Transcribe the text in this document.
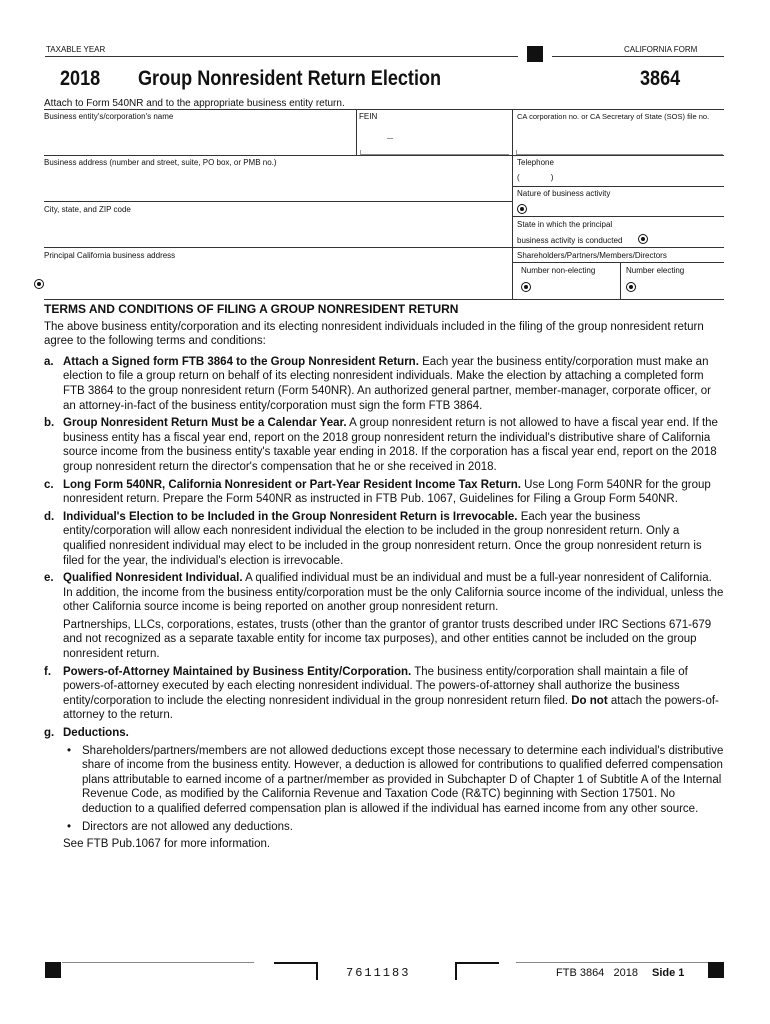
TAXABLE YEAR	CALIFORNIA FORM
2018 Group Nonresident Return Election	3864
Attach to Form 540NR and to the appropriate business entity return.
Business entity's/corporation's name	FEIN	CA corporation no. or CA Secretary of State (SOS) file no.
Business address (number and street, suite, PO box, or PMB no.)	Telephone
(              )
Nature of business activity
City, state, and ZIP code
State in which the principal
business activity is conducted
Principal California business address	Shareholders/Partners/Members/Directors
Number non-electing	Number electing
TERMS AND CONDITIONS OF FILING A GROUP NONRESIDENT RETURN
The above business entity/corporation and its electing nonresident individuals included in the filing of the group nonresident return agree to the following terms and conditions:
a. Attach a Signed form FTB 3864 to the Group Nonresident Return. Each year the business entity/corporation must make an election to file a group return on behalf of its electing nonresident individuals. Make the election by attaching a completed form FTB 3864 to the group nonresident return (Form 540NR). An authorized general partner, member-manager, corporate officer, or an attorney-in-fact of the business entity/corporation must sign the form FTB 3864.
b. Group Nonresident Return Must be a Calendar Year. A group nonresident return is not allowed to have a fiscal year end. If the business entity has a fiscal year end, report on the 2018 group nonresident return the individual's distributive share of California source income from the business entity's taxable year ending in 2018. If the corporation has a fiscal year end, report on the 2018 group nonresident return the director's compensation that he or she received in 2018.
c. Long Form 540NR, California Nonresident or Part-Year Resident Income Tax Return. Use Long Form 540NR for the group nonresident return. Prepare the Form 540NR as instructed in FTB Pub. 1067, Guidelines for Filing a Group Form 540NR.
d. Individual's Election to be Included in the Group Nonresident Return is Irrevocable. Each year the business entity/corporation will allow each nonresident individual the election to be included in the group nonresident return. Only a qualified nonresident individual may elect to be included in the group nonresident return. Once the group nonresident return is filed for the year, the individual's election is irrevocable.
e. Qualified Nonresident Individual. A qualified individual must be an individual and must be a full-year nonresident of California. In addition, the income from the business entity/corporation must be the only California source income of the individual, unless the other California source income is being reported on another group nonresident return.
Partnerships, LLCs, corporations, estates, trusts (other than the grantor of grantor trusts described under IRC Sections 671-679 and not recognized as a separate taxable entity for income tax purposes), and other entities cannot be included on the group nonresident return.
f. Powers-of-Attorney Maintained by Business Entity/Corporation. The business entity/corporation shall maintain a file of powers-of-attorney executed by each electing nonresident individual. The powers-of-attorney shall authorize the business entity/corporation to include the electing nonresident individual in the group nonresident return filed. Do not attach the powers-of-attorney to the return.
g. Deductions.
• Shareholders/partners/members are not allowed deductions except those necessary to determine each individual's distributive share of income from the business entity. However, a deduction is allowed for contributions to qualified deferred compensation plans attributable to earned income of a partner/member as provided in Subchapter D of Chapter 1 of Subtitle A of the Internal Revenue Code, as modified by the California Revenue and Taxation Code (R&TC) beginning with Section 17501. No deduction to a qualified deferred compensation plan is allowed if the individual has earned income from any other source.
• Directors are not allowed any deductions.
See FTB Pub.1067 for more information.
7611183	FTB 3864   2018 Side 1
